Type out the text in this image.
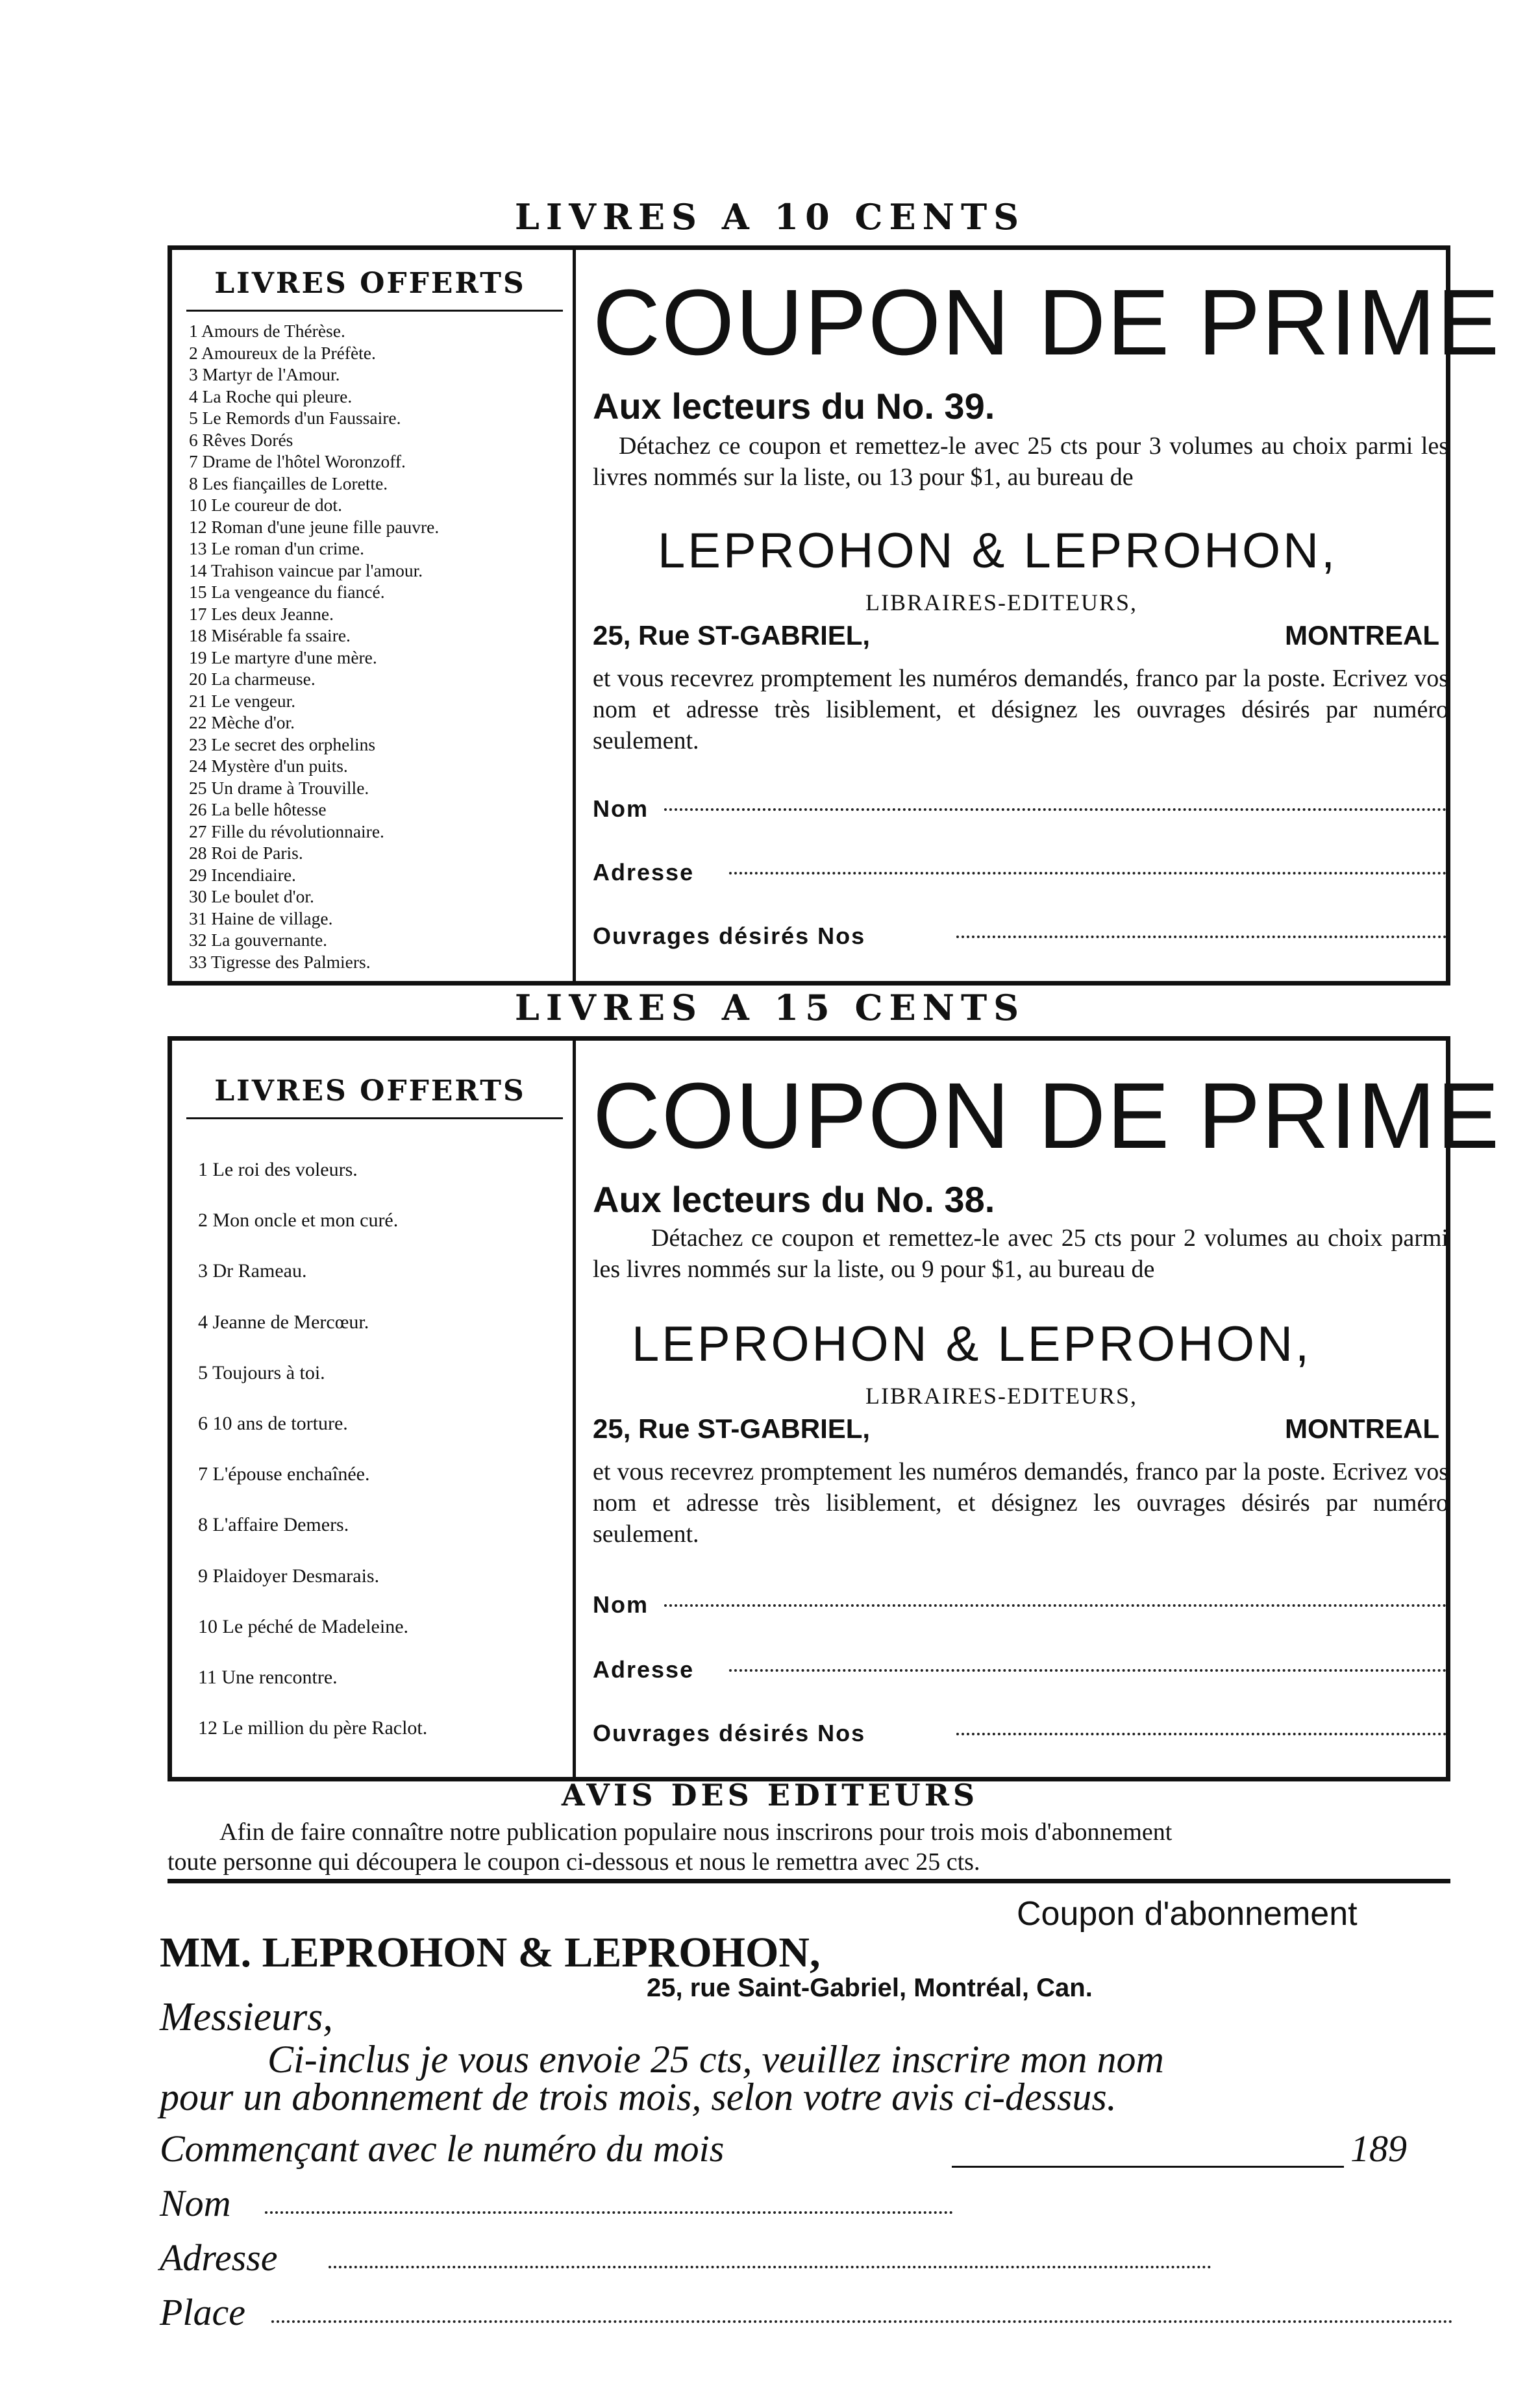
LIVRES A 10 CENTS
LIVRES OFFERTS
1 Amours de Thérèse.
2 Amoureux de la Préfète.
3 Martyr de l'Amour.
4 La Roche qui pleure.
5 Le Remords d'un Faussaire.
6 Rêves Dorés
7 Drame de l'hôtel Woronzoff.
8 Les fiançailles de Lorette.
10 Le coureur de dot.
12 Roman d'une jeune fille pauvre.
13 Le roman d'un crime.
14 Trahison vaincue par l'amour.
15 La vengeance du fiancé.
17 Les deux Jeanne.
18 Misérable fa ssaire.
19 Le martyre d'une mère.
20 La charmeuse.
21 Le vengeur.
22 Mèche d'or.
23 Le secret des orphelins
24 Mystère d'un puits.
25 Un drame à Trouville.
26 La belle hôtesse
27 Fille du révolutionnaire.
28 Roi de Paris.
29 Incendiaire.
30 Le boulet d'or.
31 Haine de village.
32 La gouvernante.
33 Tigresse des Palmiers.
COUPON DE PRIME
Aux lecteurs du No. 39.
Détachez ce coupon et remettez-le avec 25 cts pour 3 volumes au choix parmi les livres nommés sur la liste, ou 13 pour $1, au bureau de
LEPROHON & LEPROHON,
LIBRAIRES-EDITEURS,
25, Rue ST-GABRIEL,	MONTREAL
et vous recevrez promptement les numéros demandés, franco par la poste. Ecrivez vos nom et adresse très lisiblement, et désignez les ouvrages désirés par numéro seulement.
Nom
Adresse
Ouvrages désirés Nos
LIVRES A 15 CENTS
LIVRES OFFERTS
1 Le roi des voleurs.
2 Mon oncle et mon curé.
3 Dr Rameau.
4 Jeanne de Mercœur.
5 Toujours à toi.
6 10 ans de torture.
7 L'épouse enchaînée.
8 L'affaire Demers.
9 Plaidoyer Desmarais.
10 Le péché de Madeleine.
11 Une rencontre.
12 Le million du père Raclot.
COUPON DE PRIME
Aux lecteurs du No. 38.
Détachez ce coupon et remettez-le avec 25 cts pour 2 volumes au choix parmi les livres nommés sur la liste, ou 9 pour $1, au bureau de
LEPROHON & LEPROHON,
LIBRAIRES-EDITEURS,
25, Rue ST-GABRIEL,	MONTREAL
et vous recevrez promptement les numéros demandés, franco par la poste. Ecrivez vos nom et adresse très lisiblement, et désignez les ouvrages désirés par numéro seulement.
Nom
Adresse
Ouvrages désirés Nos
AVIS DES EDITEURS
Afin de faire connaître notre publication populaire nous inscrirons pour trois mois d'abonnement
toute personne qui découpera le coupon ci-dessous et nous le remettra avec 25 cts.
Coupon d'abonnement
MM. LEPROHON & LEPROHON,
25, rue Saint-Gabriel, Montréal, Can.
Messieurs,
Ci-inclus je vous envoie 25 cts, veuillez inscrire mon nom
pour un abonnement de trois mois, selon votre avis ci-dessus.
Commençant avec le numéro du mois	189
Nom
Adresse
Place
